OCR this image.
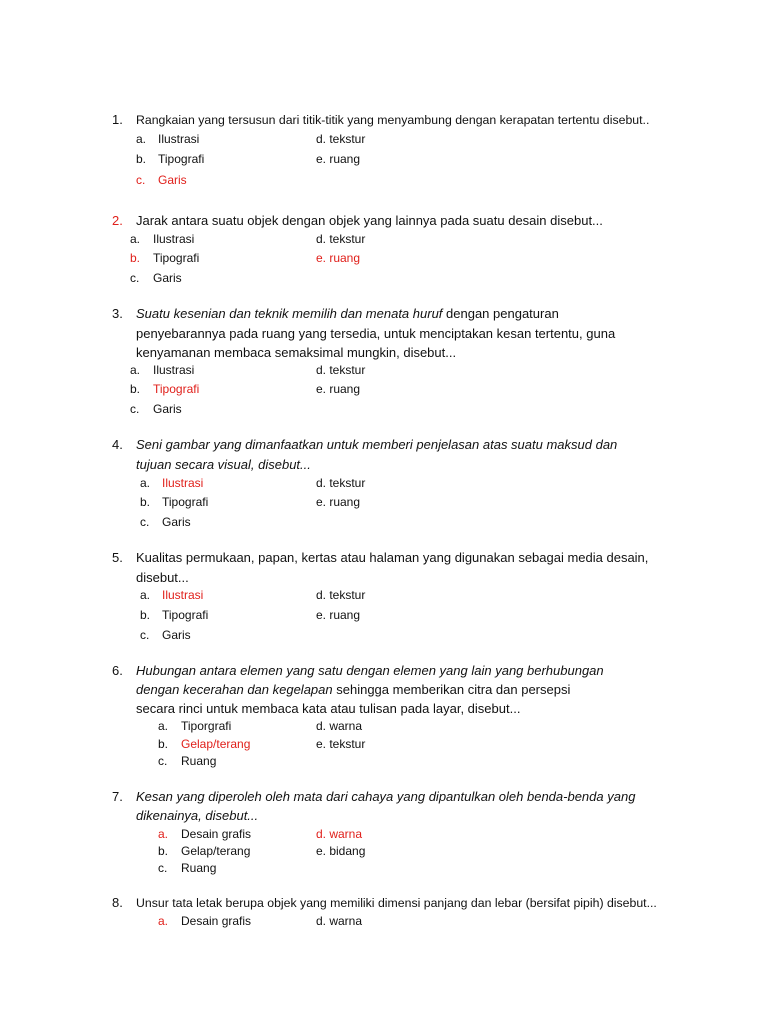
1. Rangkaian yang tersusun dari titik-titik yang menyambung dengan kerapatan tertentu disebut..
a. Ilustrasi	d. tekstur
b. Tipografi	e. ruang
c. Garis
2. Jarak antara suatu objek dengan objek yang lainnya pada suatu desain disebut...
a. Ilustrasi	d. tekstur
b. Tipografi	e. ruang
c. Garis
3. Suatu kesenian dan teknik memilih dan menata huruf dengan pengaturan
penyebarannya pada ruang yang tersedia, untuk menciptakan kesan tertentu, guna
kenyamanan membaca semaksimal mungkin, disebut...
a. Ilustrasi	d. tekstur
b. Tipografi	e. ruang
c. Garis
4. Seni gambar yang dimanfaatkan untuk memberi penjelasan atas suatu maksud dan
tujuan secara visual, disebut...
a. Ilustrasi	d. tekstur
b. Tipografi	e. ruang
c. Garis
5. Kualitas permukaan, papan, kertas atau halaman yang digunakan sebagai media desain,
disebut...
a. Ilustrasi	d. tekstur
b. Tipografi	e. ruang
c. Garis
6. Hubungan antara elemen yang satu dengan elemen yang lain yang berhubungan
dengan kecerahan dan kegelapan sehingga memberikan citra dan persepsi
secara rinci untuk membaca kata atau tulisan pada layar, disebut...
a. Tiporgrafi	d. warna
b. Gelap/terang	e. tekstur
c. Ruang
7. Kesan yang diperoleh oleh mata dari cahaya yang dipantulkan oleh benda-benda yang
dikenainya, disebut...
a. Desain grafis	d. warna
b. Gelap/terang	e. bidang
c. Ruang
8. Unsur tata letak berupa objek yang memiliki dimensi panjang dan lebar (bersifat pipih) disebut...
a. Desain grafis	d. warna
